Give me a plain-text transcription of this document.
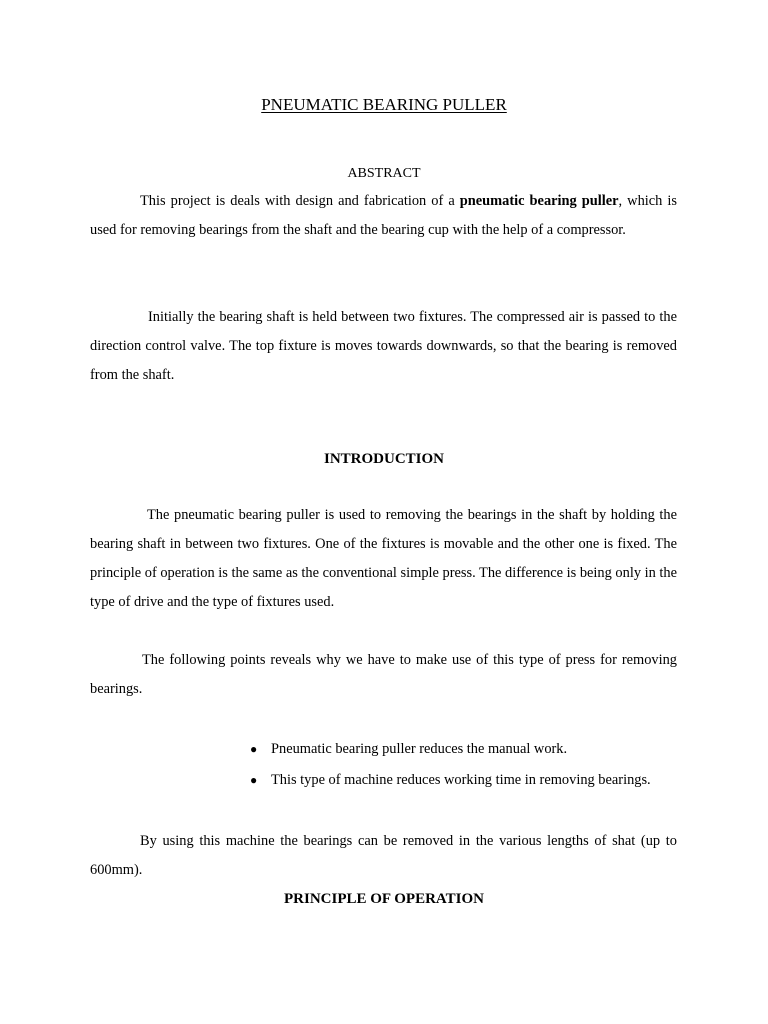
PNEUMATIC BEARING PULLER
ABSTRACT

This project is deals with design and fabrication of a pneumatic bearing puller, which is used for removing bearings from the shaft and the bearing cup with the help of a compressor.

Initially the bearing shaft is held between two fixtures. The compressed air is passed to the direction control valve. The top fixture is moves towards downwards, so that the bearing is removed from the shaft.

INTRODUCTION

The pneumatic bearing puller is used to removing the bearings in the shaft by holding the bearing shaft in between two fixtures. One of the fixtures is movable and the other one is fixed. The principle of operation is the same as the conventional simple press. The difference is being only in the type of drive and the type of fixtures used.

The following points reveals why we have to make use of this type of press for removing bearings.

● Pneumatic bearing puller reduces the manual work.
● This type of machine reduces working time in removing bearings.

By using this machine the bearings can be removed in the various lengths of shat (up to 600mm).

PRINCIPLE OF OPERATION
